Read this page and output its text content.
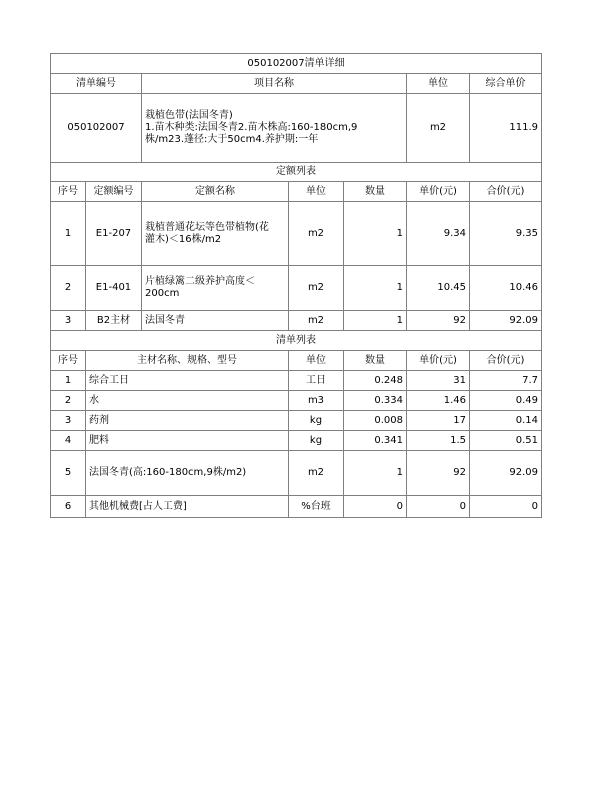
050102007清单详细						
清单编号		项目名称			单位	综合单价
050102007		栽植色带(法国冬青)
1.苗木种类:法国冬青2.苗木株高:160-180cm,9
株/m23.蓬径:大于50cm4.养护期:一年			m2	111.9
定额列表						
序号	定额编号	定额名称	单位	数量	单价(元)	合价(元)
1	E1-207	栽植普通花坛等色带植物(花
灌木)＜16株/m2	m2	1	9.34	9.35
2	E1-401	片植绿篱二级养护高度＜
200cm	m2	1	10.45	10.46
3	B2主材	法国冬青	m2	1	92	92.09
清单列表						
序号	主材名称、规格、型号		单位	数量	单价(元)	合价(元)
1	综合工日		工日	0.248	31	7.7
2	水		m3	0.334	1.46	0.49
3	药剂		kg	0.008	17	0.14
4	肥料		kg	0.341	1.5	0.51
5	法国冬青(高:160-180cm,9株/m2)		m2	1	92	92.09
6	其他机械费[占人工费]		%台班	0	0	0
